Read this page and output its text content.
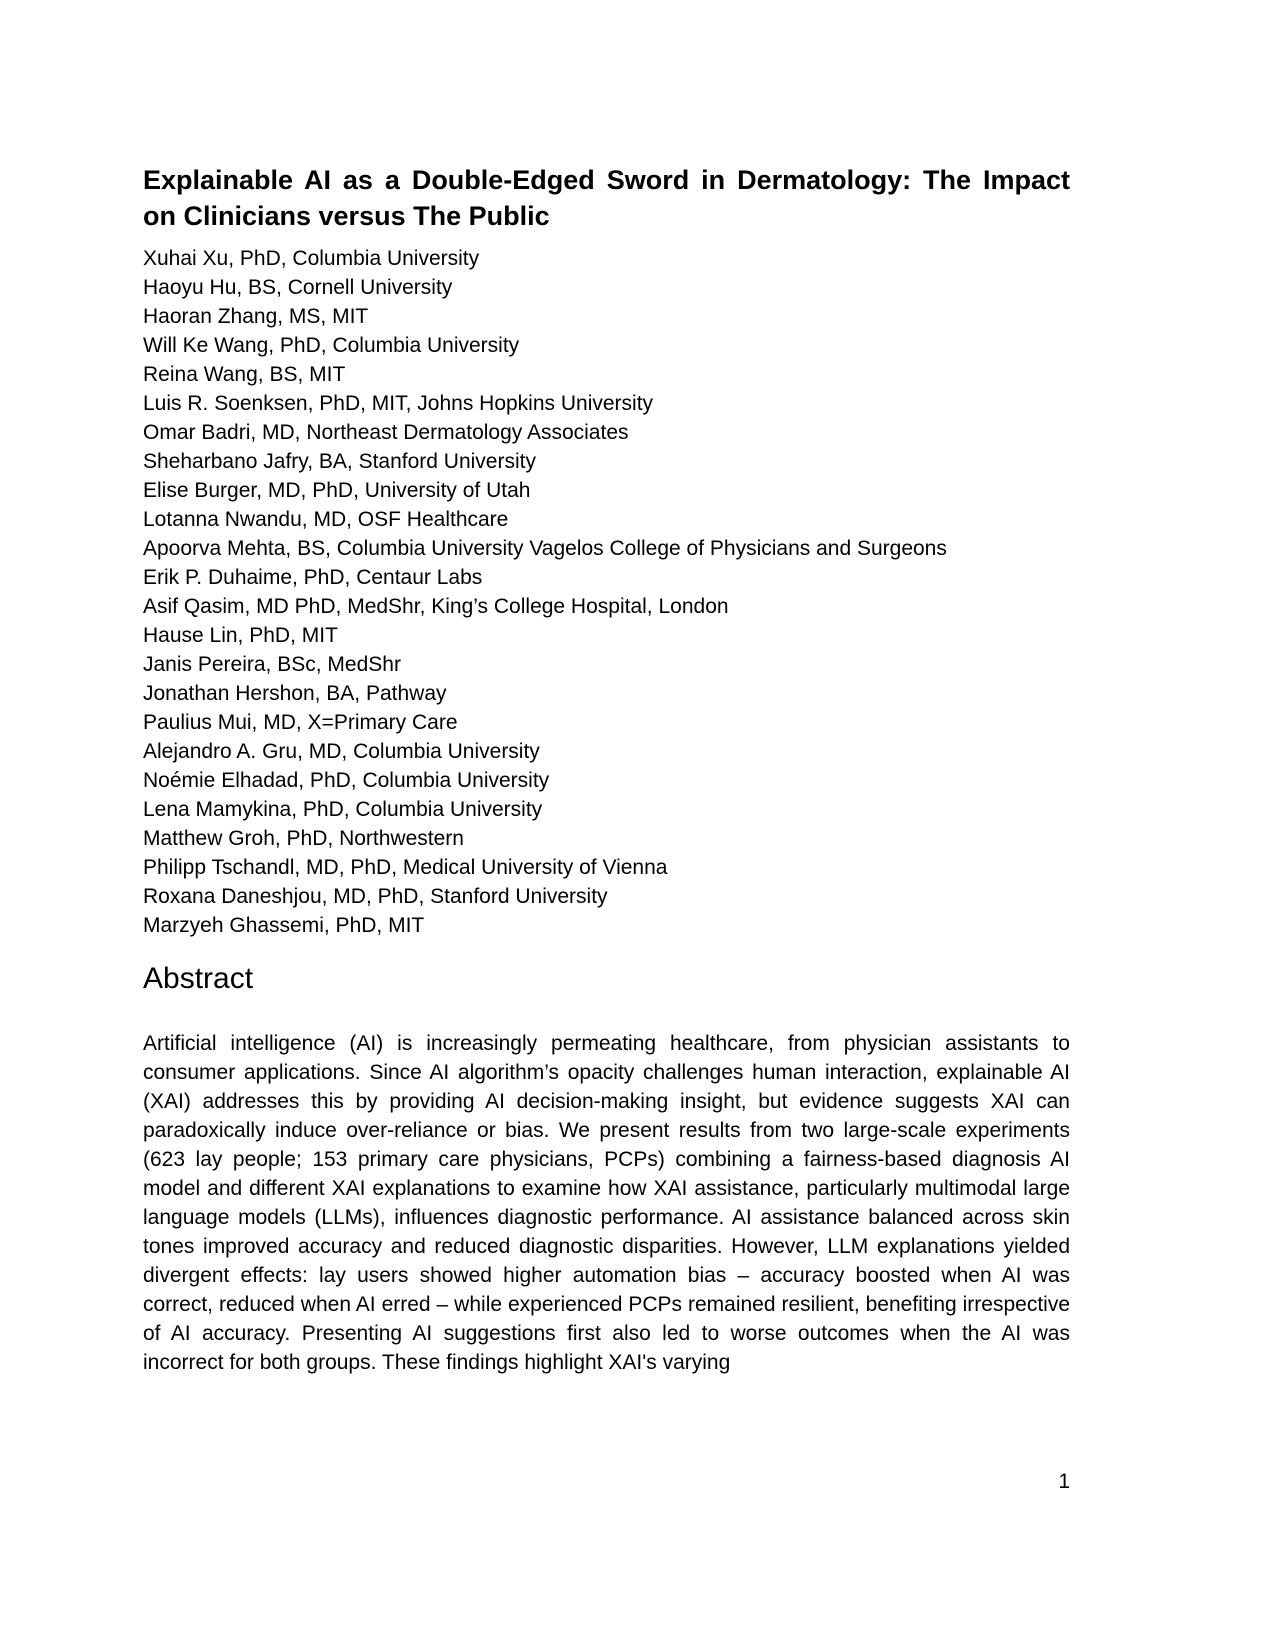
Explainable AI as a Double-Edged Sword in Dermatology: The Impact on Clinicians versus The Public
Xuhai Xu, PhD, Columbia University
Haoyu Hu, BS, Cornell University
Haoran Zhang, MS, MIT
Will Ke Wang, PhD, Columbia University
Reina Wang, BS, MIT
Luis R. Soenksen, PhD, MIT, Johns Hopkins University
Omar Badri, MD, Northeast Dermatology Associates
Sheharbano Jafry, BA, Stanford University
Elise Burger, MD, PhD, University of Utah
Lotanna Nwandu, MD, OSF Healthcare
Apoorva Mehta, BS, Columbia University Vagelos College of Physicians and Surgeons
Erik P. Duhaime, PhD, Centaur Labs
Asif Qasim, MD PhD, MedShr, King’s College Hospital, London
Hause Lin, PhD, MIT
Janis Pereira, BSc, MedShr
Jonathan Hershon, BA, Pathway
Paulius Mui, MD, X=Primary Care
Alejandro A. Gru, MD, Columbia University
Noémie Elhadad, PhD, Columbia University
Lena Mamykina, PhD, Columbia University
Matthew Groh, PhD, Northwestern
Philipp Tschandl, MD, PhD, Medical University of Vienna
Roxana Daneshjou, MD, PhD, Stanford University
Marzyeh Ghassemi, PhD, MIT
Abstract

Artificial intelligence (AI) is increasingly permeating healthcare, from physician assistants to consumer applications. Since AI algorithm’s opacity challenges human interaction, explainable AI (XAI) addresses this by providing AI decision-making insight, but evidence suggests XAI can paradoxically induce over-reliance or bias. We present results from two large-scale experiments (623 lay people; 153 primary care physicians, PCPs) combining a fairness-based diagnosis AI model and different XAI explanations to examine how XAI assistance, particularly multimodal large language models (LLMs), influences diagnostic performance. AI assistance balanced across skin tones improved accuracy and reduced diagnostic disparities. However, LLM explanations yielded divergent effects: lay users showed higher automation bias – accuracy boosted when AI was correct, reduced when AI erred – while experienced PCPs remained resilient, benefiting irrespective of AI accuracy. Presenting AI suggestions first also led to worse outcomes when the AI was incorrect for both groups. These findings highlight XAI's varying

1
